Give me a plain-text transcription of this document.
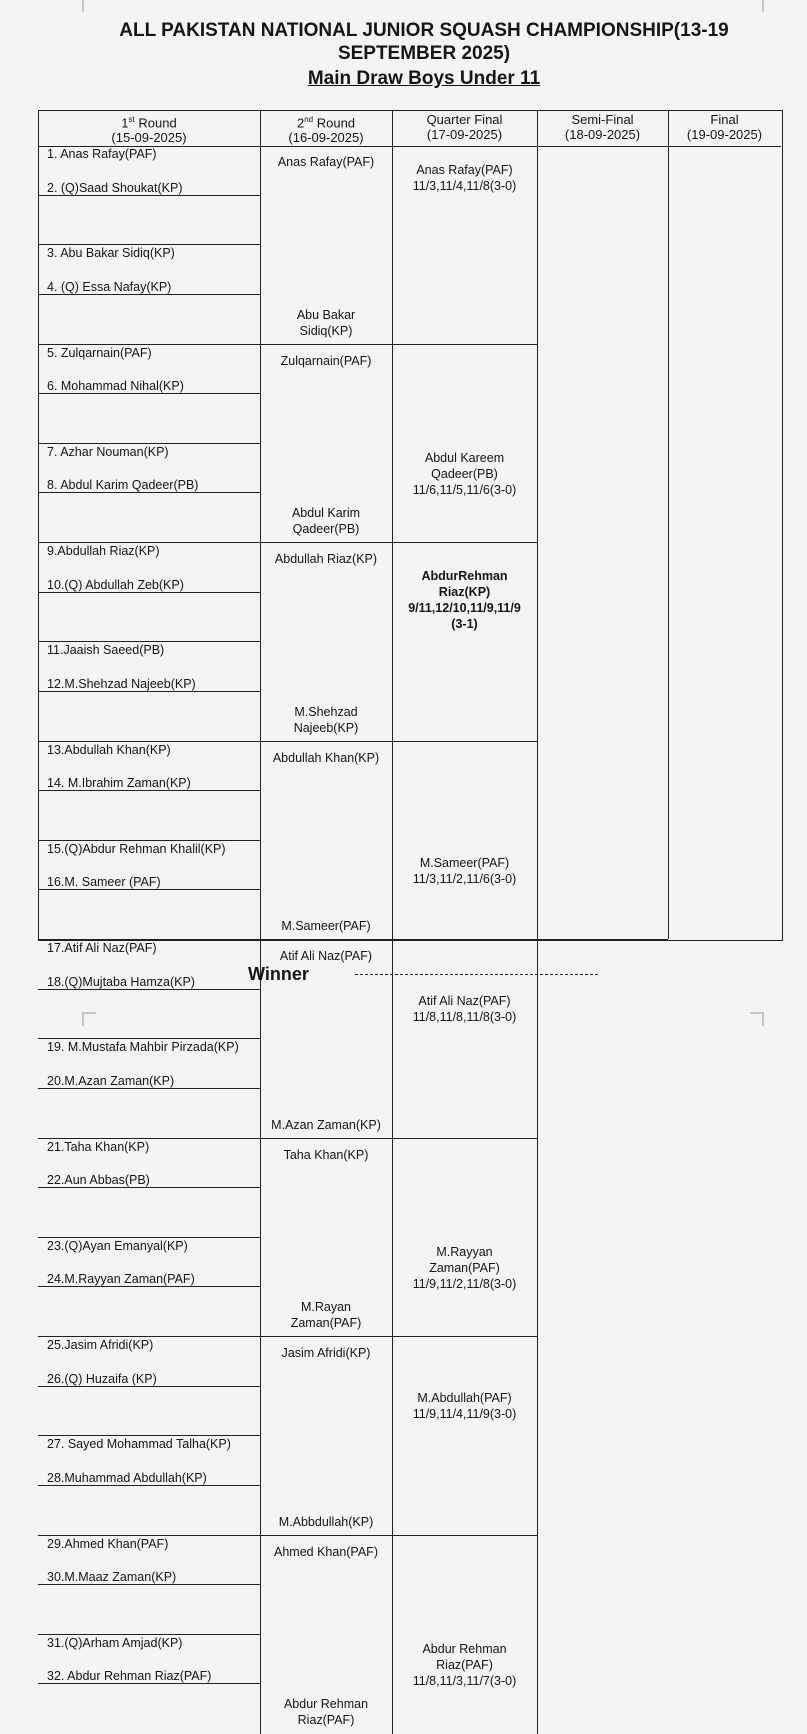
ALL PAKISTAN NATIONAL JUNIOR SQUASH CHAMPIONSHIP(13-19
SEPTEMBER 2025)
Main Draw Boys Under 11
1st Round
(15-09-2025)
2nd Round
(16-09-2025)
Quarter Final
(17-09-2025)
Semi-Final
(18-09-2025)
Final
(19-09-2025)
1. Anas Rafay(PAF)
2. (Q)Saad Shoukat(KP)
3. Abu Bakar Sidiq(KP)
4. (Q) Essa Nafay(KP)
5. Zulqarnain(PAF)
6. Mohammad Nihal(KP)
7. Azhar Nouman(KP)
8. Abdul Karim Qadeer(PB)
9.Abdullah Riaz(KP)
10.(Q) Abdullah Zeb(KP)
11.Jaaish Saeed(PB)
12.M.Shehzad Najeeb(KP)
13.Abdullah Khan(KP)
14. M.Ibrahim Zaman(KP)
15.(Q)Abdur Rehman Khalil(KP)
16.M. Sameer (PAF)
17.Atif Ali Naz(PAF)
18.(Q)Mujtaba Hamza(KP)
19. M.Mustafa Mahbir Pirzada(KP)
20.M.Azan Zaman(KP)
21.Taha Khan(KP)
22.Aun Abbas(PB)
23.(Q)Ayan Emanyal(KP)
24.M.Rayyan Zaman(PAF)
25.Jasim Afridi(KP)
26.(Q) Huzaifa (KP)
27. Sayed Mohammad Talha(KP)
28.Muhammad Abdullah(KP)
29.Ahmed Khan(PAF)
30.M.Maaz Zaman(KP)
31.(Q)Arham Amjad(KP)
32. Abdur Rehman Riaz(PAF)
Anas Rafay(PAF)
Abu Bakar
Sidiq(KP)
Zulqarnain(PAF)
Abdul Karim
Qadeer(PB)
Abdullah Riaz(KP)
M.Shehzad
Najeeb(KP)
Abdullah Khan(KP)
M.Sameer(PAF)
Atif Ali Naz(PAF)
M.Azan Zaman(KP)
Taha Khan(KP)
M.Rayan
Zaman(PAF)
Jasim Afridi(KP)
M.Abbdullah(KP)
Ahmed Khan(PAF)
Abdur Rehman
Riaz(PAF)
Anas Rafay(PAF)
11/3,11/4,11/8(3-0)
Abdul Kareem
Qadeer(PB)
11/6,11/5,11/6(3-0)
AbdurRehman
Riaz(KP)
9/11,12/10,11/9,11/9
(3-1)
M.Sameer(PAF)
11/3,11/2,11/6(3-0)
Atif Ali Naz(PAF)
11/8,11/8,11/8(3-0)
M.Rayyan
Zaman(PAF)
11/9,11/2,11/8(3-0)
M.Abdullah(PAF)
11/9,11/4,11/9(3-0)
Abdur Rehman
Riaz(PAF)
11/8,11/3,11/7(3-0)
Winner
